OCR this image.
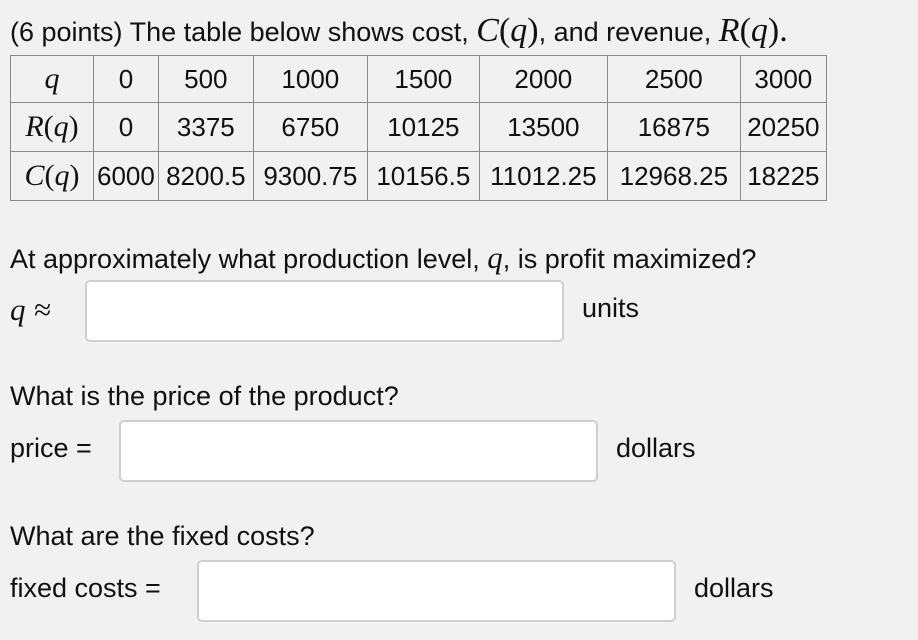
(6 points) The table below shows cost, C(q), and revenue, R(q).
q	0	500	1000	1500	2000	2500	3000
R(q)	0	3375	6750	10125	13500	16875	20250
C(q)	6000	8200.5	9300.75	10156.5	11012.25	12968.25	18225
At approximately what production level, q, is profit maximized?
q ≈	units
What is the price of the product?
price =	dollars
What are the fixed costs?
fixed costs =	dollars
